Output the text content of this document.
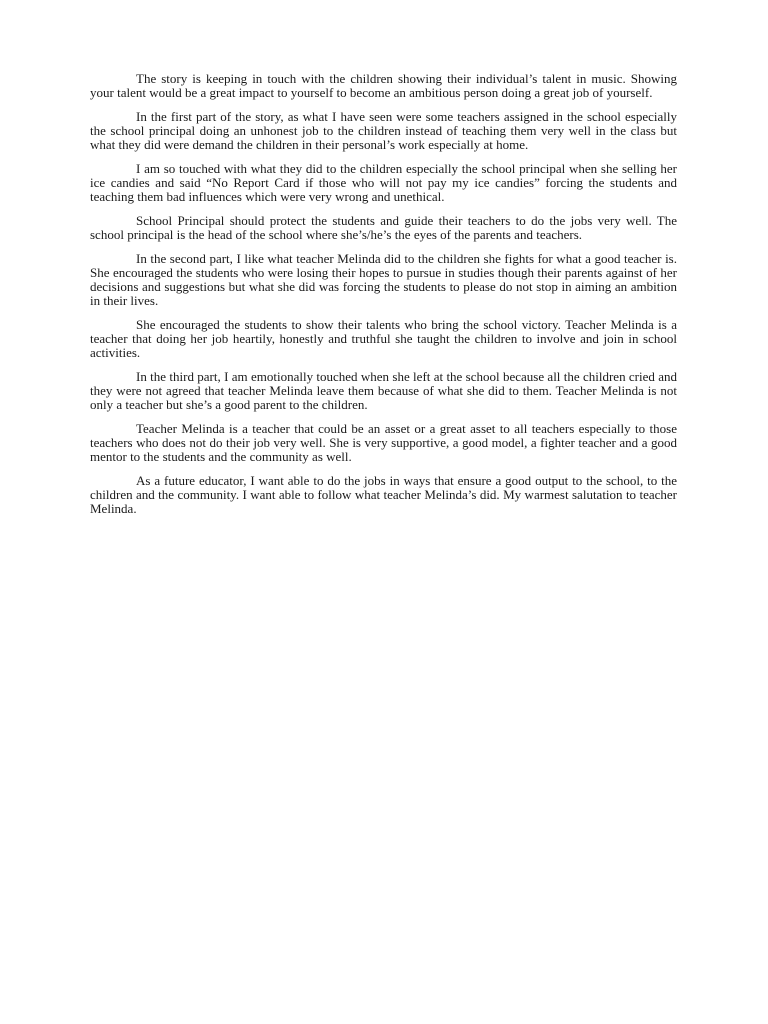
The story is keeping in touch with the children showing their individual’s talent in music. Showing your talent would be a great impact to yourself to become an ambitious person doing a great job of yourself.

In the first part of the story, as what I have seen were some teachers assigned in the school especially the school principal doing an unhonest job to the children instead of teaching them very well in the class but what they did were demand the children in their personal’s work especially at home.

I am so touched with what they did to the children especially the school principal when she selling her ice candies and said “No Report Card if those who will not pay my ice candies” forcing the students and teaching them bad influences which were very wrong and unethical.

School Principal should protect the students and guide their teachers to do the jobs very well. The school principal is the head of the school where she’s/he’s the eyes of the parents and teachers.

In the second part, I like what teacher Melinda did to the children she fights for what a good teacher is. She encouraged the students who were losing their hopes to pursue in studies though their parents against of her decisions and suggestions but what she did was forcing the students to please do not stop in aiming an ambition in their lives.

She encouraged the students to show their talents who bring the school victory. Teacher Melinda is a teacher that doing her job heartily, honestly and truthful she taught the children to involve and join in school activities.

In the third part, I am emotionally touched when she left at the school because all the children cried and they were not agreed that teacher Melinda leave them because of what she did to them. Teacher Melinda is not only a teacher but she’s a good parent to the children.

Teacher Melinda is a teacher that could be an asset or a great asset to all teachers especially to those teachers who does not do their job very well. She is very supportive, a good model, a fighter teacher and a good mentor to the students and the community as well.

As a future educator, I want able to do the jobs in ways that ensure a good output to the school, to the children and the community. I want able to follow what teacher Melinda’s did. My warmest salutation to teacher Melinda.
